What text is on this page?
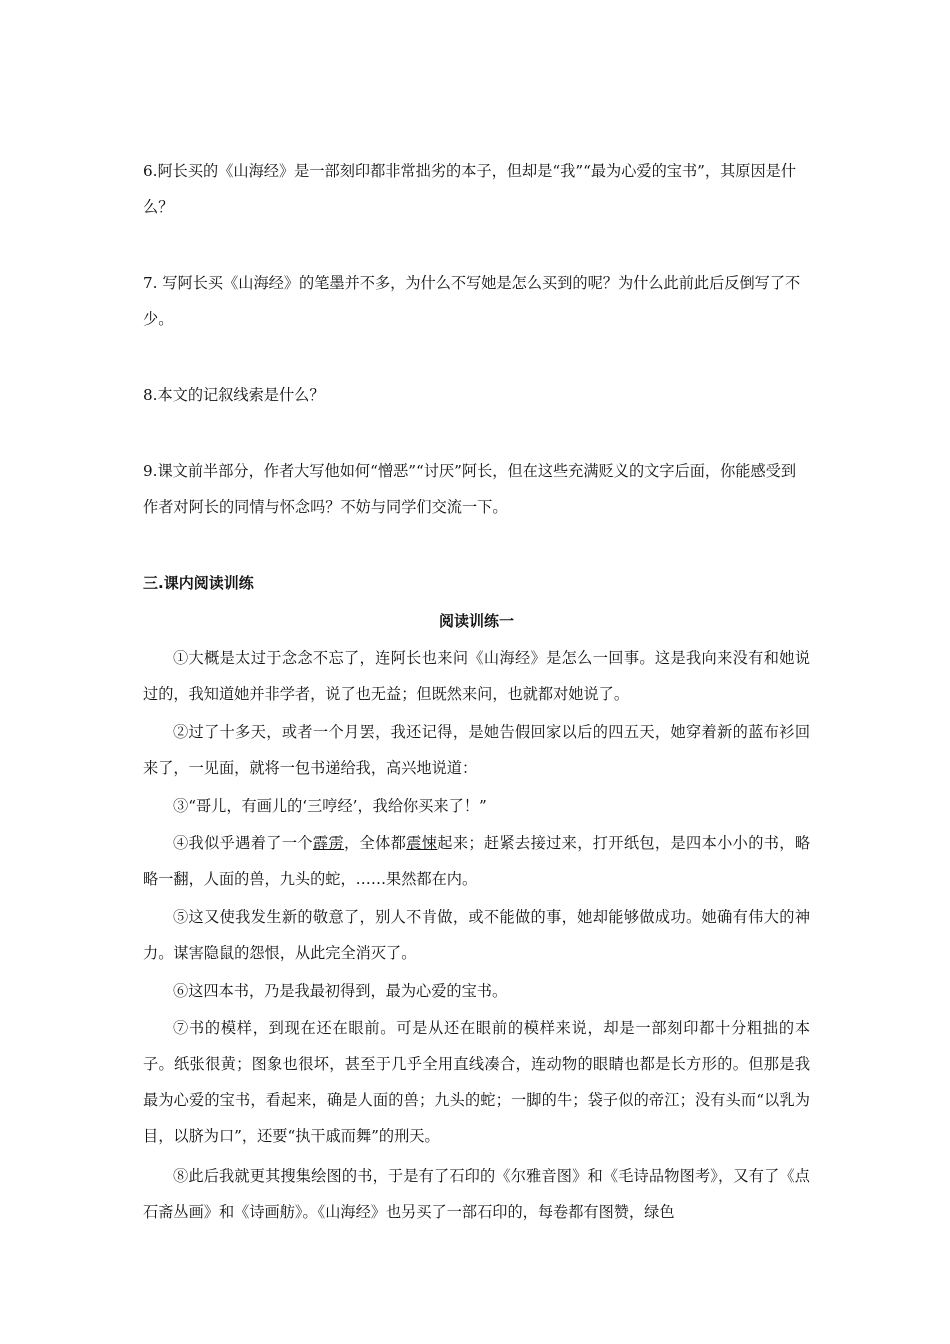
6.阿长买的《山海经》是一部刻印都非常拙劣的本子，但却是“我”“最为心爱的宝书”，其原因是什么？

7. 写阿长买《山海经》的笔墨并不多，为什么不写她是怎么买到的呢？为什么此前此后反倒写了不少。

8.本文的记叙线索是什么？

9.课文前半部分，作者大写他如何“憎恶”“讨厌”阿长，但在这些充满贬义的文字后面，你能感受到作者对阿长的同情与怀念吗？不妨与同学们交流一下。

三.课内阅读训练

阅读训练一

①大概是太过于念念不忘了，连阿长也来问《山海经》是怎么一回事。这是我向来没有和她说过的，我知道她并非学者，说了也无益；但既然来问，也就都对她说了。

②过了十多天，或者一个月罢，我还记得，是她告假回家以后的四五天，她穿着新的蓝布衫回来了，一见面，就将一包书递给我，高兴地说道：

③“哥儿，有画儿的‘三哼经’，我给你买来了！”

④我似乎遇着了一个霹雳，全体都震悚起来；赶紧去接过来，打开纸包，是四本小小的书，略略一翻，人面的兽，九头的蛇，……果然都在内。

⑤这又使我发生新的敬意了，别人不肯做，或不能做的事，她却能够做成功。她确有伟大的神力。谋害隐鼠的怨恨，从此完全消灭了。

⑥这四本书，乃是我最初得到，最为心爱的宝书。

⑦书的模样，到现在还在眼前。可是从还在眼前的模样来说，却是一部刻印都十分粗拙的本子。纸张很黄；图象也很坏，甚至于几乎全用直线凑合，连动物的眼睛也都是长方形的。但那是我最为心爱的宝书，看起来，确是人面的兽；九头的蛇；一脚的牛；袋子似的帝江；没有头而“以乳为目，以脐为口”，还要“执干戚而舞”的刑天。

⑧此后我就更其搜集绘图的书，于是有了石印的《尔雅音图》和《毛诗品物图考》，又有了《点石斋丛画》和《诗画舫》。《山海经》也另买了一部石印的，每卷都有图赞，绿色
